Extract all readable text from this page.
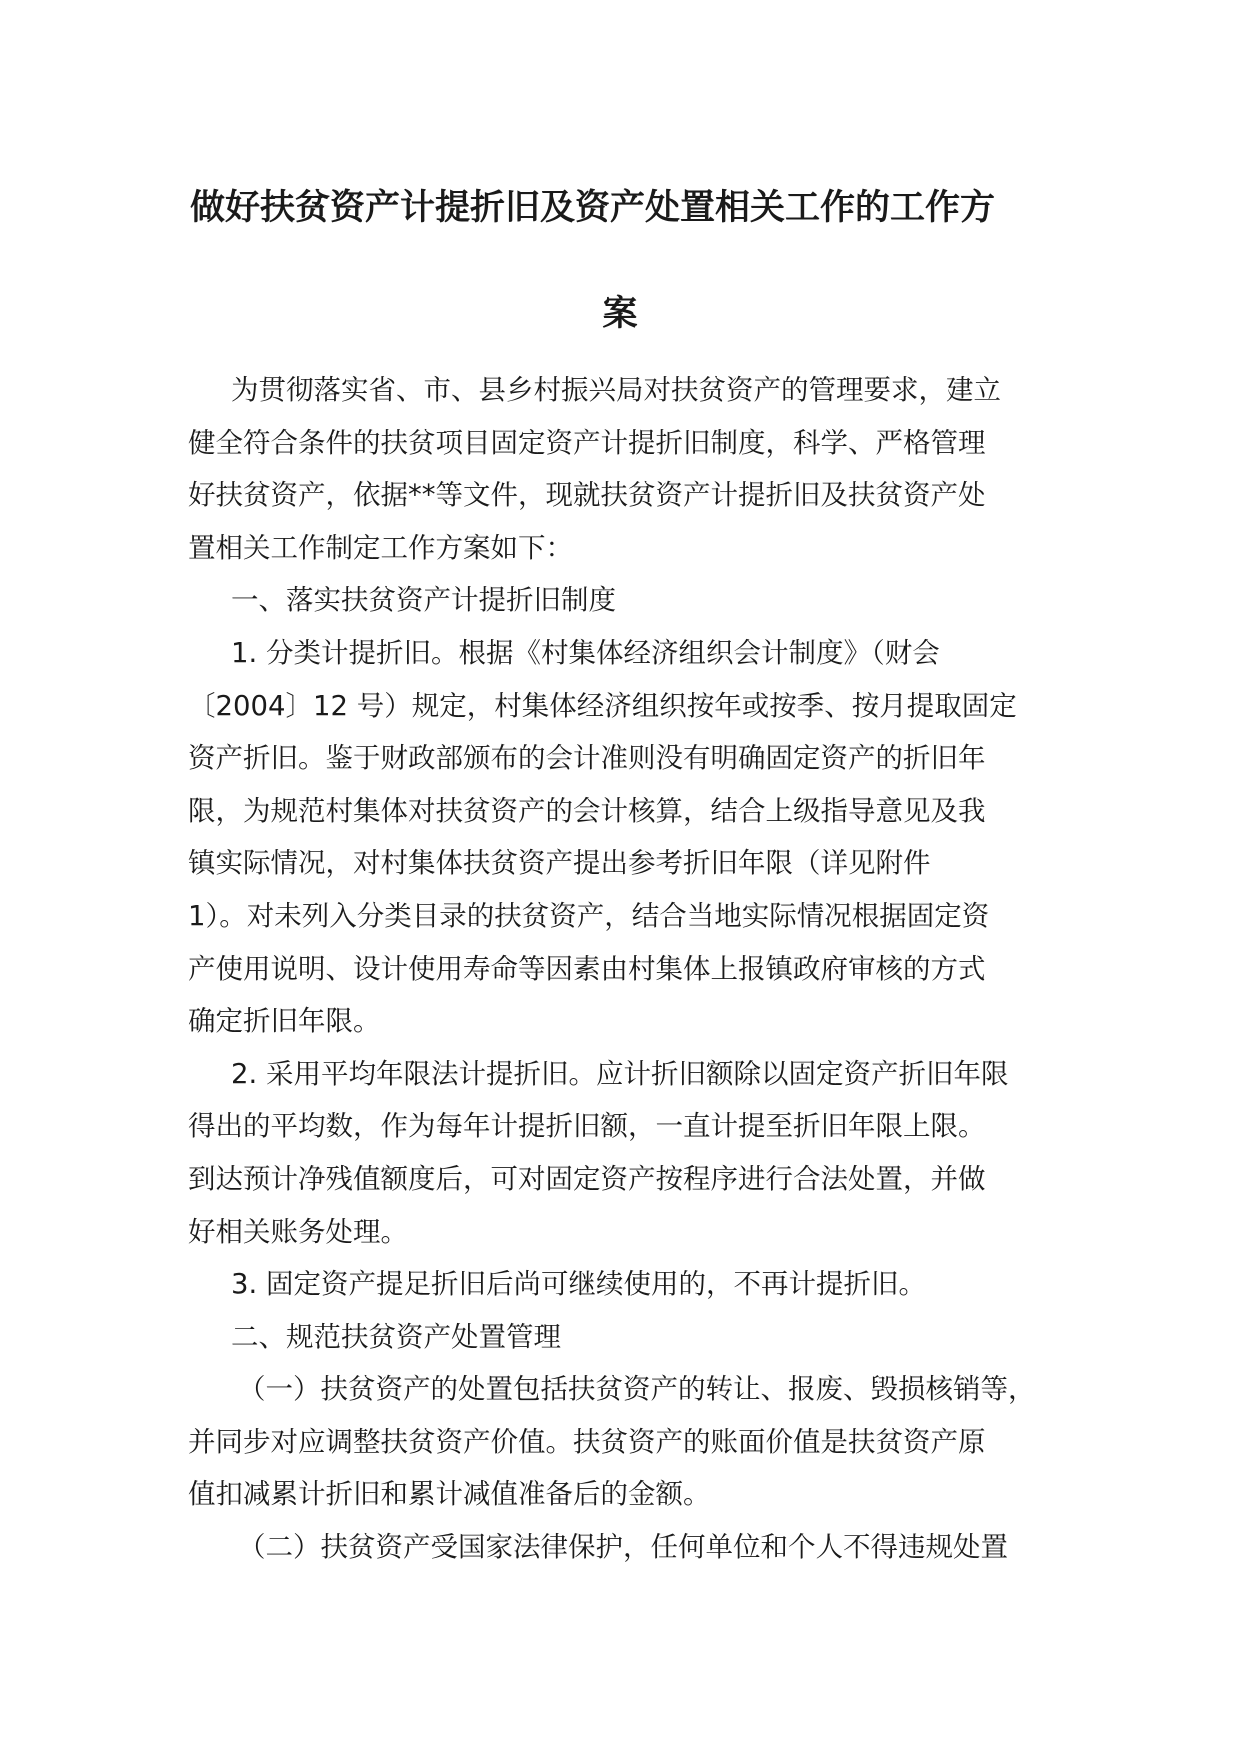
做好扶贫资产计提折旧及资产处置相关工作的工作方
案

为贯彻落实省、市、县乡村振兴局对扶贫资产的管理要求，建立

健全符合条件的扶贫项目固定资产计提折旧制度，科学、严格管理

好扶贫资产，依据**等文件，现就扶贫资产计提折旧及扶贫资产处

置相关工作制定工作方案如下：

一、落实扶贫资产计提折旧制度

1. 分类计提折旧。根据《村集体经济组织会计制度》（财会

〔2004〕12 号）规定，村集体经济组织按年或按季、按月提取固定

资产折旧。鉴于财政部颁布的会计准则没有明确固定资产的折旧年

限，为规范村集体对扶贫资产的会计核算，结合上级指导意见及我

镇实际情况，对村集体扶贫资产提出参考折旧年限（详见附件

1）。对未列入分类目录的扶贫资产，结合当地实际情况根据固定资

产使用说明、设计使用寿命等因素由村集体上报镇政府审核的方式

确定折旧年限。

2. 采用平均年限法计提折旧。应计折旧额除以固定资产折旧年限

得出的平均数，作为每年计提折旧额，一直计提至折旧年限上限。

到达预计净残值额度后，可对固定资产按程序进行合法处置，并做

好相关账务处理。

3. 固定资产提足折旧后尚可继续使用的，不再计提折旧。

二、规范扶贫资产处置管理

（一）扶贫资产的处置包括扶贫资产的转让、报废、毁损核销等，

并同步对应调整扶贫资产价值。扶贫资产的账面价值是扶贫资产原

值扣减累计折旧和累计减值准备后的金额。

（二）扶贫资产受国家法律保护，任何单位和个人不得违规处置
